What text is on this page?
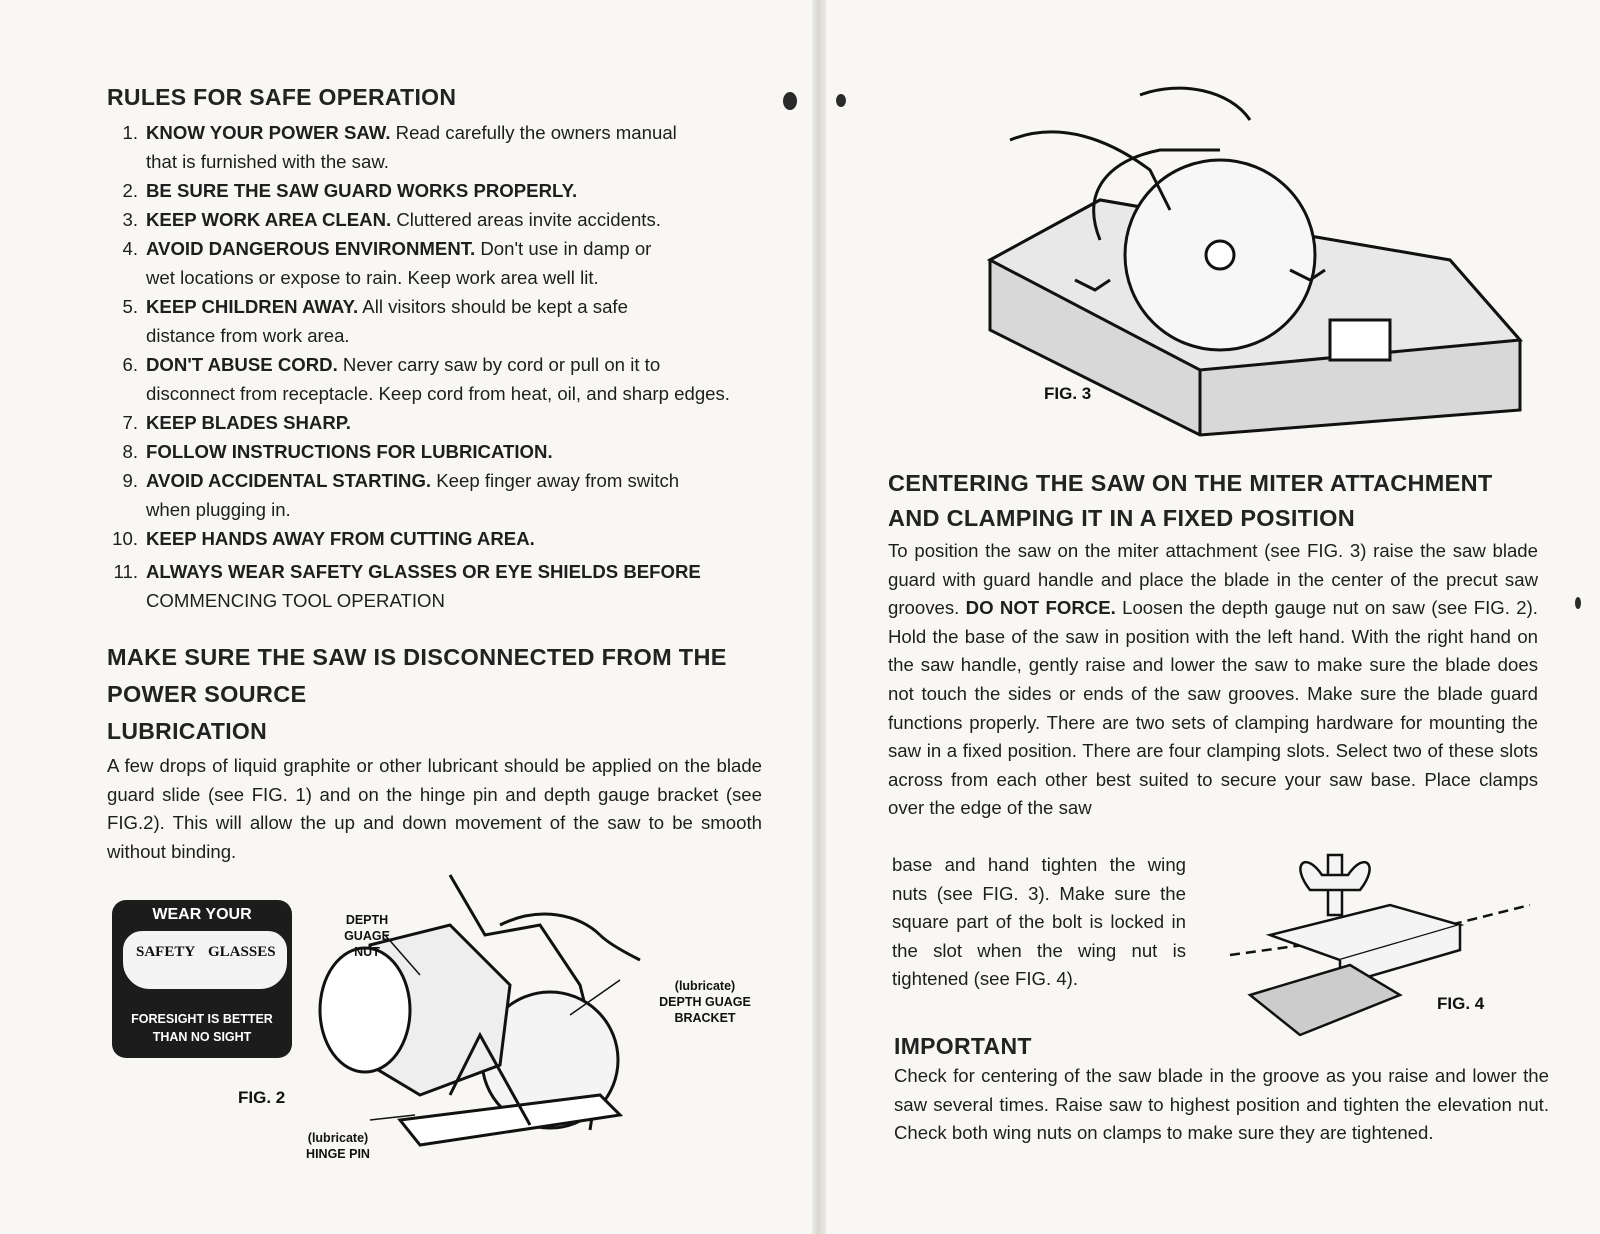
RULES FOR SAFE OPERATION

1. KNOW YOUR POWER SAW. Read carefully the owners manual
that is furnished with the saw.

2. BE SURE THE SAW GUARD WORKS PROPERLY.

3. KEEP WORK AREA CLEAN. Cluttered areas invite accidents.

4. AVOID DANGEROUS ENVIRONMENT. Don't use in damp or
wet locations or expose to rain. Keep work area well lit.

5. KEEP CHILDREN AWAY. All visitors should be kept a safe
distance from work area.

6. DON'T ABUSE CORD. Never carry saw by cord or pull on it to
disconnect from receptacle. Keep cord from heat, oil, and sharp edges.

7. KEEP BLADES SHARP.

8. FOLLOW INSTRUCTIONS FOR LUBRICATION.

9. AVOID ACCIDENTAL STARTING. Keep finger away from switch
when plugging in.

10. KEEP HANDS AWAY FROM CUTTING AREA.

11. ALWAYS WEAR SAFETY GLASSES OR EYE SHIELDS BEFORE
COMMENCING TOOL OPERATION

MAKE SURE THE SAW IS DISCONNECTED FROM THE
POWER SOURCE
LUBRICATION

A few drops of liquid graphite or other lubricant should be applied on the blade guard slide (see FIG. 1) and on the hinge pin and depth gauge bracket (see FIG.2). This will allow the up and down movement of the saw to be smooth without binding.

WEAR YOUR
SAFETY GLASSES
FORESIGHT IS BETTER
THAN NO SIGHT
DEPTH GUAGE
NUT
(lubricate)
DEPTH GUAGE
BRACKET
(lubricate)
HINGE PIN
FIG. 2
FIG. 3
CENTERING THE SAW ON THE MITER ATTACHMENT
AND CLAMPING IT IN A FIXED POSITION

To position the saw on the miter attachment (see FIG. 3) raise the saw blade guard with guard handle and place the blade in the center of the precut saw grooves. DO NOT FORCE. Loosen the depth gauge nut on saw (see FIG. 2). Hold the base of the saw in position with the left hand. With the right hand on the saw handle, gently raise and lower the saw to make sure the blade does not touch the sides or ends of the saw grooves. Make sure the blade guard functions properly. There are two sets of clamping hardware for mounting the saw in a fixed position. There are four clamping slots. Select two of these slots across from each other best suited to secure your saw base. Place clamps over the edge of the saw

base and hand tighten the wing nuts (see FIG. 3). Make sure the square part of the bolt is locked in the slot when the wing nut is tightened (see FIG. 4).

FIG. 4
IMPORTANT

Check for centering of the saw blade in the groove as you raise and lower the saw several times. Raise saw to highest position and tighten the elevation nut. Check both wing nuts on clamps to make sure they are tightened.
